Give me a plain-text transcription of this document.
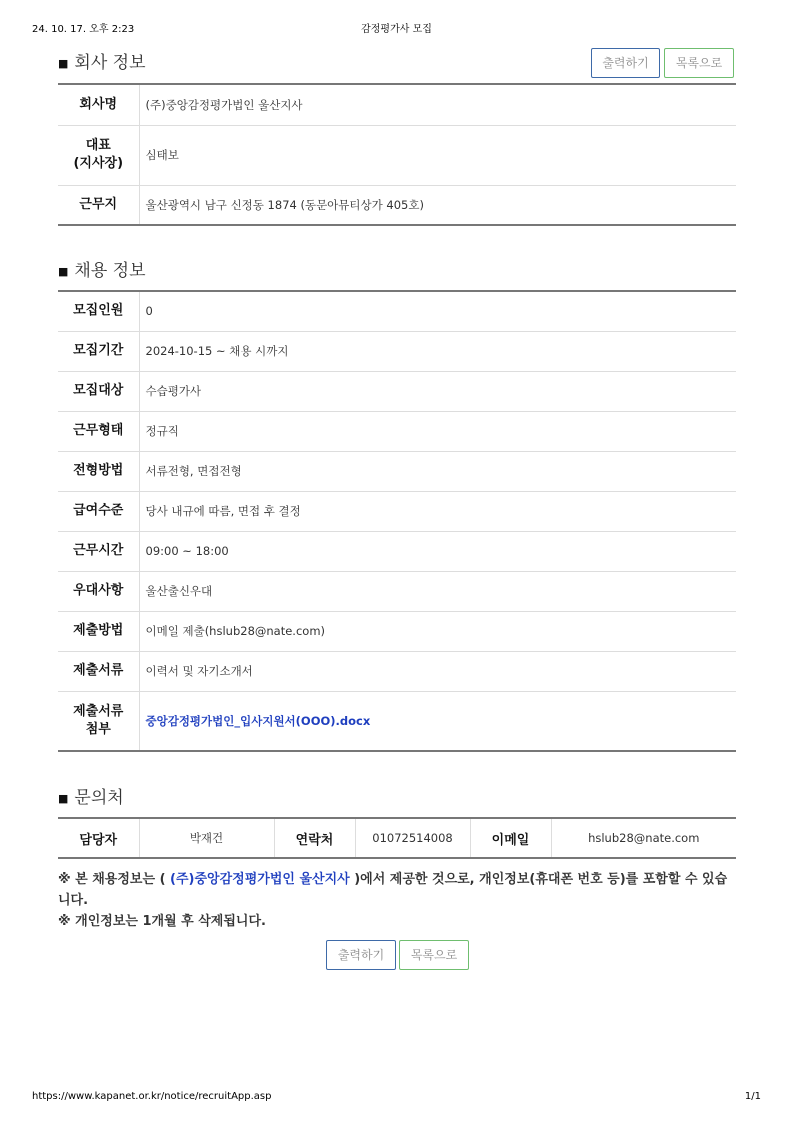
24. 10. 17. 오후 2:23	감정평가사 모집
■ 회사 정보	출력하기	목록으로
회사명	(주)중앙감정평가법인 울산지사

대표
(지사장)	심태보
근무지	울산광역시 남구 신정동 1874 (동문아뮤티상가 405호)
■ 채용 정보
모집인원	0
모집기간	2024-10-15 ~ 채용 시까지
모집대상	수습평가사
근무형태	정규직
전형방법	서류전형, 면접전형
급여수준	당사 내규에 따름, 면접 후 결정
근무시간	09:00 ~ 18:00
우대사항	울산출신우대
제출방법	이메일 제출(hslub28@nate.com)
제출서류	이력서 및 자기소개서

제출서류
첨부	중앙감정평가법인_입사지원서(OOO).docx
■ 문의처
담당자	박재건	연락처	01072514008	이메일	hslub28@nate.com
※ 본 채용정보는 ( (주)중앙감정평가법인 울산지사 )에서 제공한 것으로, 개인정보(휴대폰 번호 등)를 포함할 수 있습니다.
※ 개인정보는 1개월 후 삭제됩니다.
출력하기	목록으로
https://www.kapanet.or.kr/notice/recruitApp.asp	1/1
